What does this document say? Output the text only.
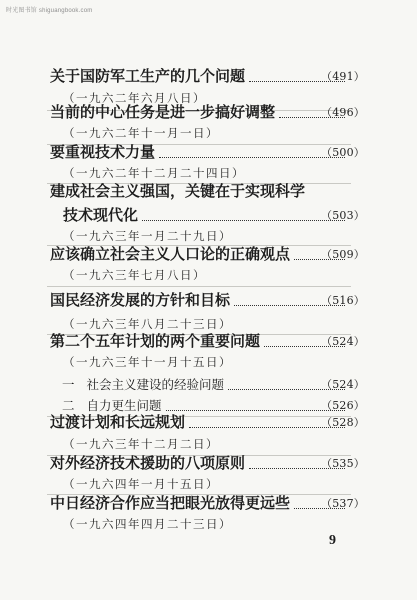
时光图书馆 shiguangbook.com
关于国防军工生产的几个问题	（491）
（一九六二年六月八日）
当前的中心任务是进一步搞好调整	（496）
（一九六二年十一月一日）
要重视技术力量	（500）
（一九六二年十二月二十四日）
建成社会主义强国，关键在于实现科学
技术现代化	（503）
（一九六三年一月二十九日）
应该确立社会主义人口论的正确观点	（509）
（一九六三年七月八日）
国民经济发展的方针和目标	（516）
（一九六三年八月二十三日）
第二个五年计划的两个重要问题	（524）
（一九六三年十一月十五日）
一 社会主义建设的经验问题	（524）
二 自力更生问题	（526）
过渡计划和长远规划	（528）
（一九六三年十二月二日）
对外经济技术援助的八项原则	（535）
（一九六四年一月十五日）
中日经济合作应当把眼光放得更远些	（537）
（一九六四年四月二十三日）
9
